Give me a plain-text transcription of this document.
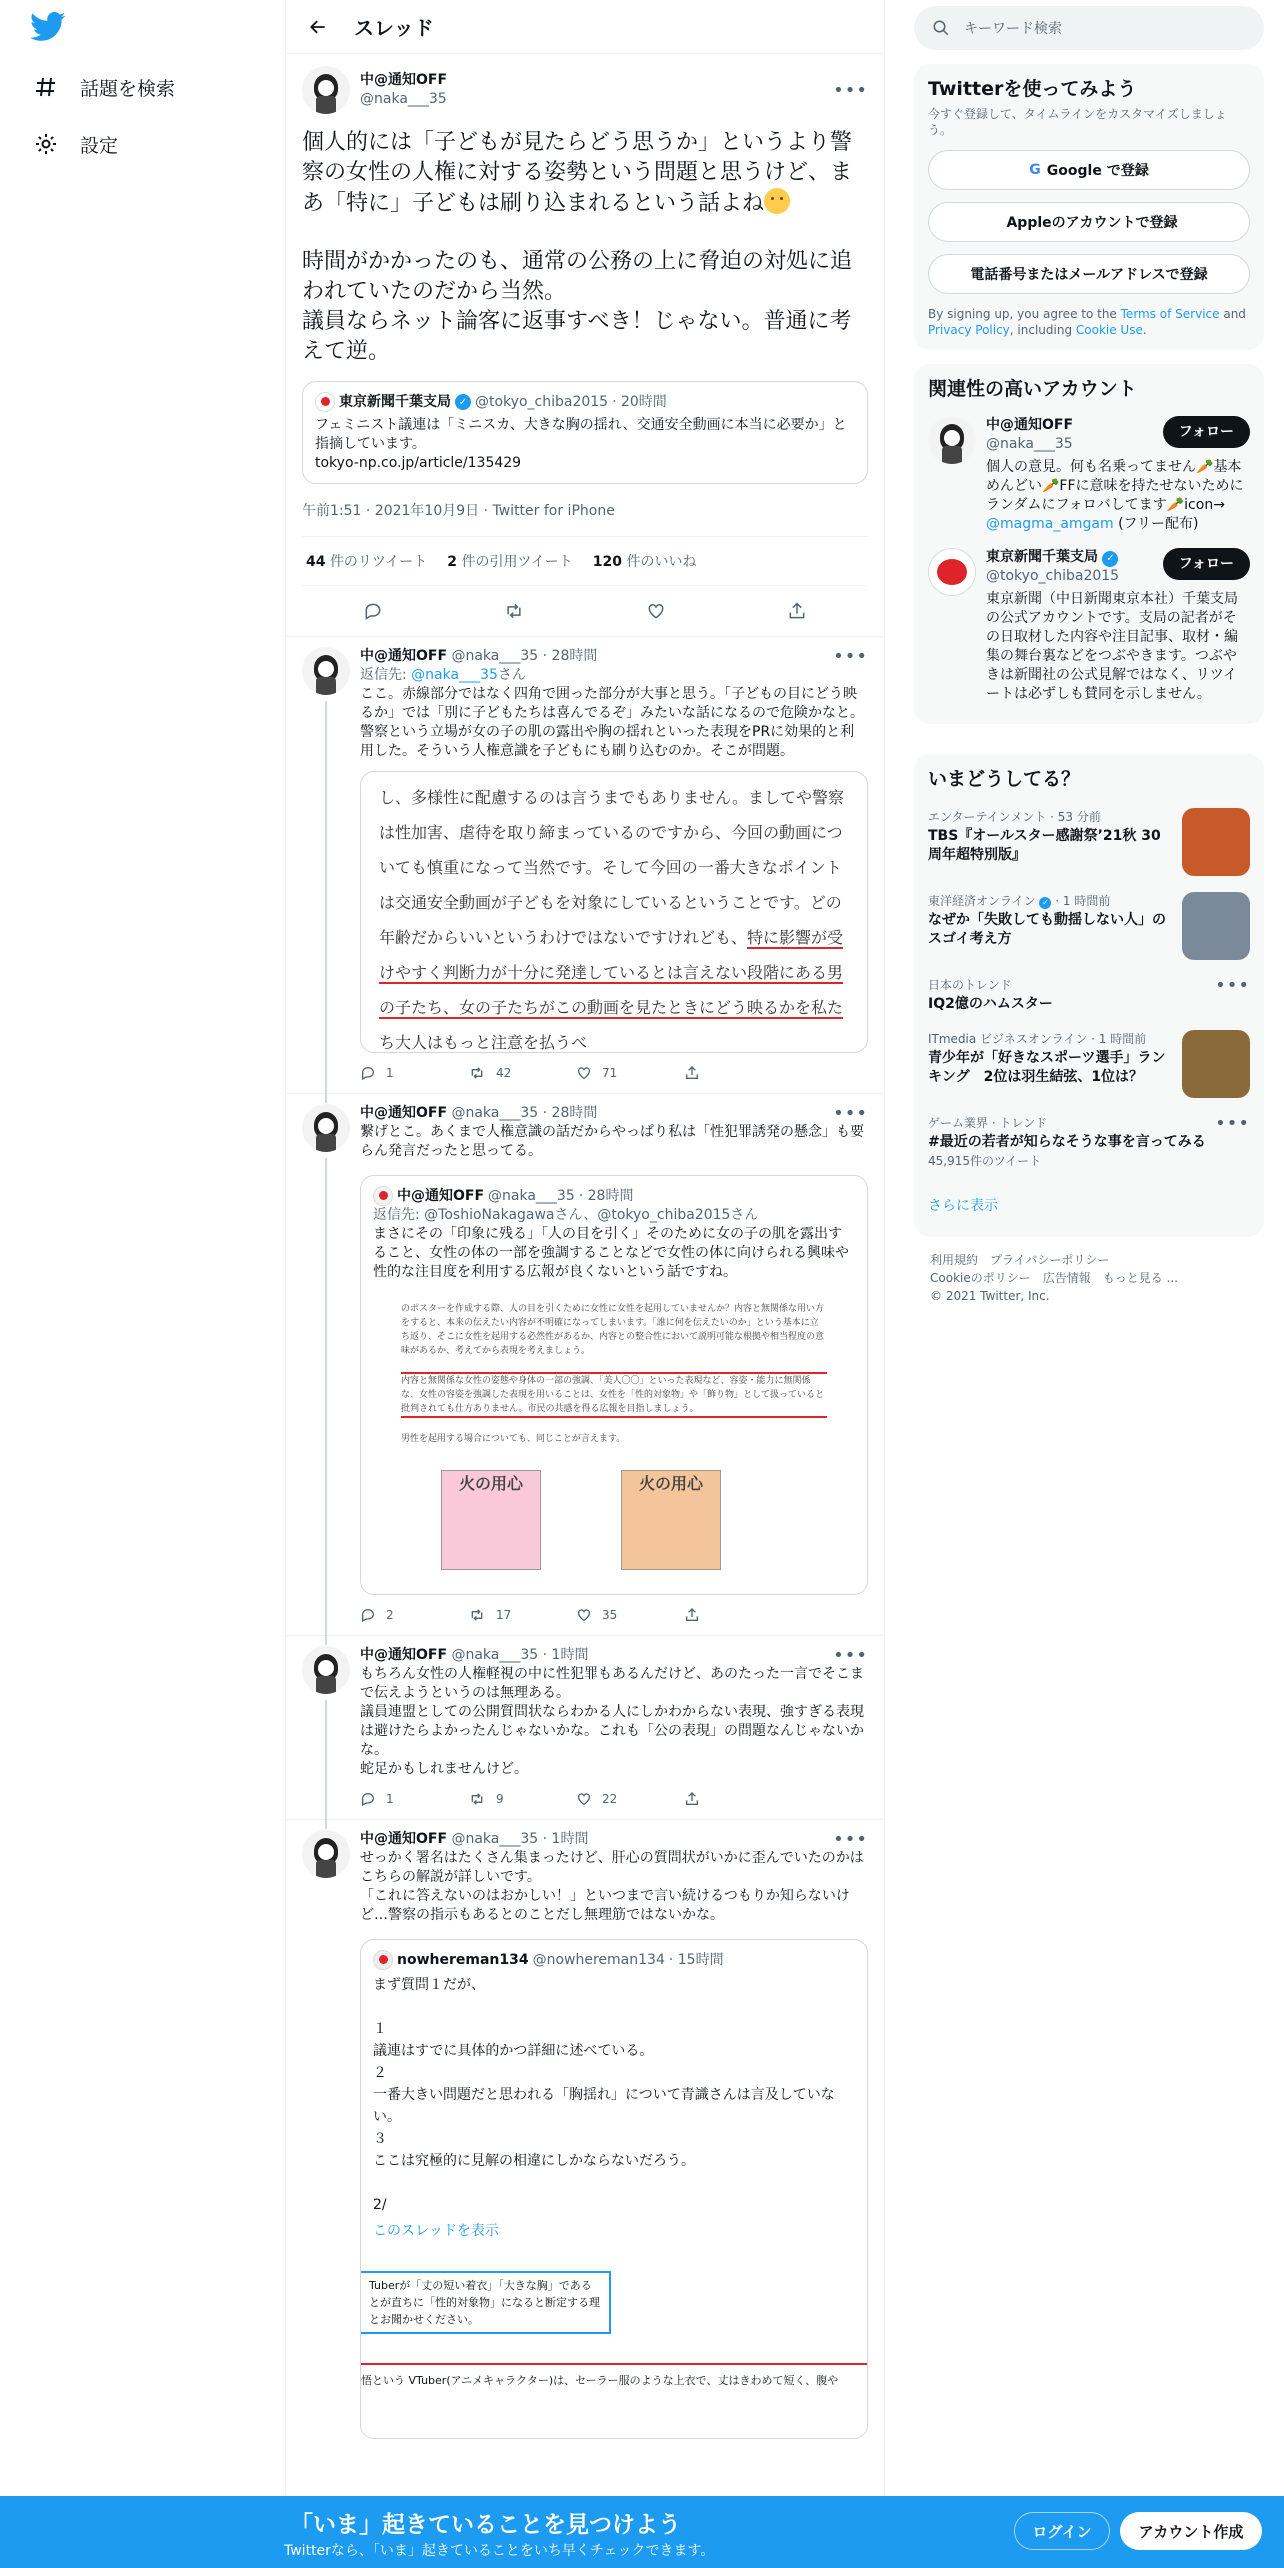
話題を検索
設定
スレッド
中@通知OFF
@naka___35	•••
個人的には「子どもが見たらどう思うか」というより警察の女性の人権に対する姿勢という問題と思うけど、まあ「特に」子どもは刷り込まれるという話よね
時間がかかったのも、通常の公務の上に脅迫の対処に追われていたのだから当然。
議員ならネット論客に返事すべき！じゃない。普通に考えて逆。
東京新聞千葉支局 ✓ @tokyo_chiba2015 · 20時間
フェミニスト議連は「ミニスカ、大きな胸の揺れ、交通安全動画に本当に必要か」と指摘しています。
tokyo-np.co.jp/article/135429
午前1:51 · 2021年10月9日 · Twitter for iPhone
44 件のリツイート 2 件の引用ツイート 120 件のいいね
中@通知OFF
@naka___35
· 28時間	•••
返信先: @naka___35さん
ここ。赤線部分ではなく四角で囲った部分が大事と思う。「子どもの目にどう映るか」では「別に子どもたちは喜んでるぞ」みたいな話になるので危険かなと。
警察という立場が女の子の肌の露出や胸の揺れといった表現をPRに効果的と利用した。そういう人権意識を子どもにも刷り込むのか。そこが問題。
し、多様性に配慮するのは言うまでもありません。ましてや警察は性加害、虐待を取り締まっているのですから、今回の動画についても慎重になって当然です。そして今回の一番大きなポイントは交通安全動画が子どもを対象にしているということです。どの年齢だからいいというわけではないですけれども、特に影響が受けやすく判断力が十分に発達しているとは言えない段階にある男の子たち、女の子たちがこの動画を見たときにどう映るかを私たち大人はもっと注意を払うべ
1	42	71
中@通知OFF
@naka___35
· 28時間	•••
繋げとこ。あくまで人権意識の話だからやっぱり私は「性犯罪誘発の懸念」も要らん発言だったと思ってる。
中@通知OFF @naka___35 · 28時間
返信先: @ToshioNakagawaさん、@tokyo_chiba2015さん
まさにその「印象に残る」「人の目を引く」そのために女の子の肌を露出すること、女性の体の一部を強調することなどで女性の体に向けられる興味や性的な注目度を利用する広報が良くないという話ですね。
のポスターを作成する際、人の目を引くために女性に女性を起用していませんか？内容と無関係な用い方をすると、本来の伝えたい内容が不明確になってしまいます。「誰に何を伝えたいのか」という基本に立ち返り、そこに女性を起用する必然性があるか、内容との整合性において説明可能な根拠や相当程度の意味があるか、考えてから表現を考えましょう。
内容と無関係な女性の姿態や身体の一部の強調、「美人〇〇」といった表現など、容姿・能力に無関係な、女性の容姿を強調した表現を用いることは、女性を「性的対象物」や「飾り物」として扱っていると批判されても仕方ありません。市民の共感を得る広報を目指しましょう。
男性を起用する場合についても、同じことが言えます。
火の用心	火の用心
2	17	35
中@通知OFF
@naka___35
· 1時間	•••
もちろん女性の人権軽視の中に性犯罪もあるんだけど、あのたった一言でそこまで伝えようというのは無理ある。
議員連盟としての公開質問状ならわかる人にしかわからない表現、強すぎる表現は避けたらよかったんじゃないかな。これも「公の表現」の問題なんじゃないかな。
蛇足かもしれませんけど。
1	9	22
中@通知OFF
@naka___35
· 1時間	•••
せっかく署名はたくさん集まったけど、肝心の質問状がいかに歪んでいたのかはこちらの解説が詳しいです。
「これに答えないのはおかしい！」といつまで言い続けるつもりか知らないけど…警察の指示もあるとのことだし無理筋ではないかな。
nowhereman134 @nowhereman134 · 15時間
まず質問１だが、

１
議連はすでに具体的かつ詳細に述べている。
２
一番大きい問題だと思われる「胸揺れ」について青識さんは言及していない。
３
ここは究極的に見解の相違にしかならないだろう。

2/
このスレッドを表示
Tuberが「丈の短い着衣」「大きな胸」である
とが直ちに「性的対象物」になると断定する理
とお聞かせください。
悟という VTuber(アニメキャラクター)は、セーラー服のような上衣で、丈はきわめて短く、腹や
キーワード検索
Twitterを使ってみよう
今すぐ登録して、タイムラインをカスタマイズしましょう。
G Google で登録
Appleのアカウントで登録
電話番号またはメールアドレスで登録
By signing up, you agree to the Terms of Service and Privacy Policy, including Cookie Use.
関連性の高いアカウント
中@通知OFF
@naka___35
フォロー
個人の意見。何も名乗ってません🥕基本めんどい🥕FFに意味を持たせないためにランダムにフォロバしてます🥕icon→ @magma_amgam (フリー配布)
東京新聞千葉支局 ✓
@tokyo_chiba2015
フォロー
東京新聞（中日新聞東京本社）千葉支局の公式アカウントです。支局の記者がその日取材した内容や注目記事、取材・編集の舞台裏などをつぶやきます。つぶやきは新聞社の公式見解ではなく、リツイートは必ずしも賛同を示しません。
いまどうしてる？
エンターテインメント · 53 分前
TBS『オールスター感謝祭’21秋 30周年超特別版』
東洋経済オンライン ✓ · 1 時間前
なぜか「失敗しても動揺しない人」のスゴイ考え方
日本のトレンド
IQ2億のハムスター
•••
ITmedia ビジネスオンライン · 1 時間前
青少年が「好きなスポーツ選手」ランキング　2位は羽生結弦、1位は？
ゲーム業界 · トレンド
#最近の若者が知らなそうな事を言ってみる
45,915件のツイート
•••
さらに表示
利用規約　プライバシーポリシー
Cookieのポリシー　広告情報　もっと見る ...
© 2021 Twitter, Inc.
「いま」起きていることを見つけよう
Twitterなら、「いま」起きていることをいち早くチェックできます。
ログイン	アカウント作成
